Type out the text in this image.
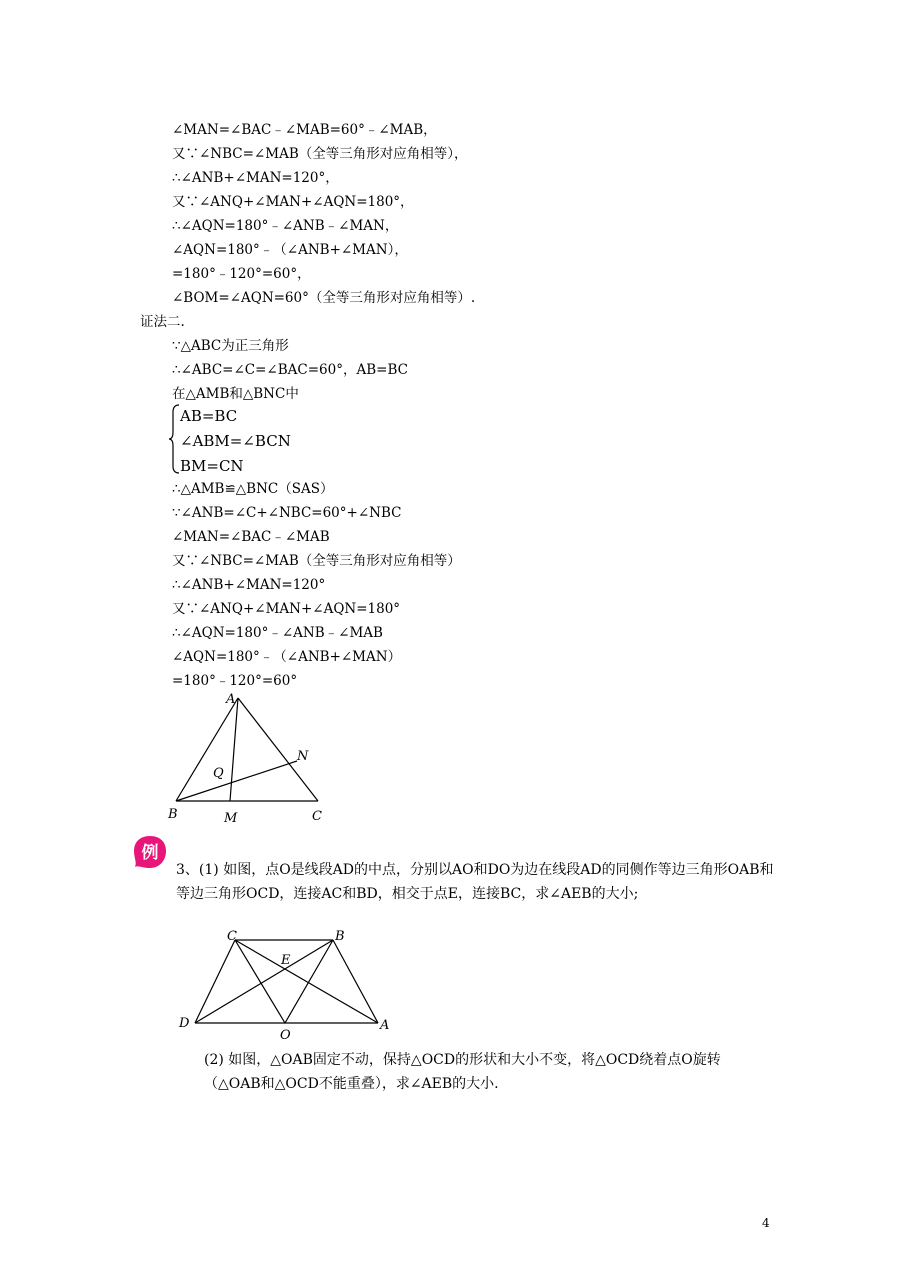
∠MAN=∠BAC﹣∠MAB=60°﹣∠MAB，
又∵∠NBC=∠MAB（全等三角形对应角相等），
∴∠ANB+∠MAN=120°，
又∵∠ANQ+∠MAN+∠AQN=180°，
∴∠AQN=180°﹣∠ANB﹣∠MAN，
∠AQN=180°﹣（∠ANB+∠MAN），
=180°﹣120°=60°，
∠BOM=∠AQN=60°（全等三角形对应角相等）.
证法二.
∵△ABC为正三角形
∴∠ABC=∠C=∠BAC=60°，AB=BC
在△AMB和△BNC中
AB=BC
∠ABM=∠BCN
BM=CN
∴△AMB≌△BNC（SAS）
∵∠ANB=∠C+∠NBC=60°+∠NBC
∠MAN=∠BAC﹣∠MAB
又∵∠NBC=∠MAB（全等三角形对应角相等）
∴∠ANB+∠MAN=120°
又∵∠ANQ+∠MAN+∠AQN=180°
∴∠AQN=180°﹣∠ANB﹣∠MAB
∠AQN=180°﹣（∠ANB+∠MAN）
=180°﹣120°=60°
A
B	C
M
N
Q
例
3、(1) 如图，点O是线段AD的中点，分别以AO和DO为边在线段AD的同侧作等边三角形OAB和等边三角形OCD，连接AC和BD，相交于点E，连接BC，求∠AEB的大小;
C	B
E
D
O
A
(2) 如图，△OAB固定不动，保持△OCD的形状和大小不变，将△OCD绕着点O旋转（△OAB和△OCD不能重叠），求∠AEB的大小.
4
